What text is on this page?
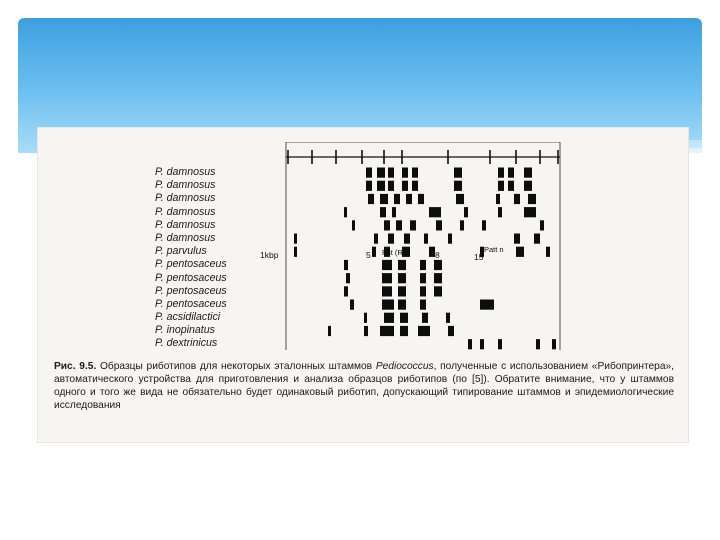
P. damnosus
P. damnosus
P. damnosus
P. damnosus
P. damnosus
P. damnosus
P. parvulus
P. pentosaceus
P. pentosaceus
P. pentosaceus
P. pentosaceus
P. acsidilactici
P. inopinatus
P. dextrinicus
1kbp	5 Pst (R)	8	15
Patt n
Рис. 9.5. Образцы риботипов для некоторых эталонных штаммов Pediococcus, полученные с использованием «Рибопринтера», автоматического устройства для приготовления и анализа образцов риботипов (по [5]). Обратите внимание, что у штаммов одного и того же вида не обязательно будет одинаковый риботип, допускающий типирование штаммов и эпидемиологические исследования
